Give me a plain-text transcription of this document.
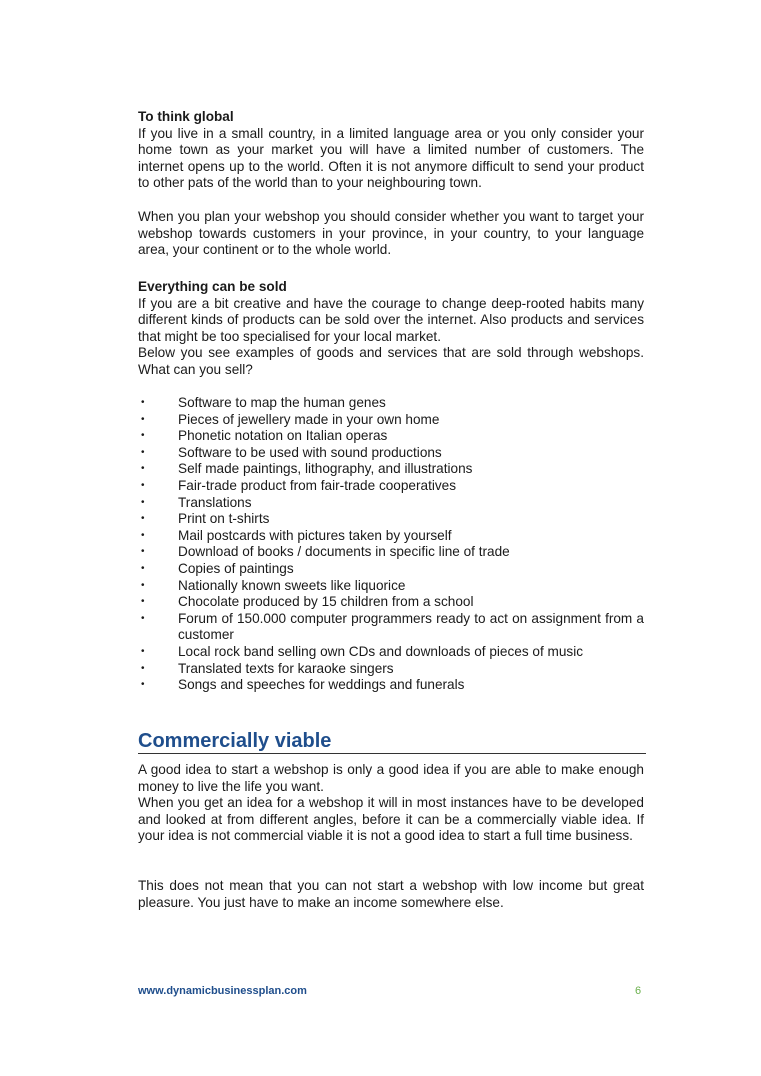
To think global

If you live in a small country, in a limited language area or you only consider your home town as your market you will have a limited number of customers. The internet opens up to the world. Often it is not anymore difficult to send your product to other pats of the world than to your neighbouring town.

When you plan your webshop you should consider whether you want to target your webshop towards customers in your province, in your country, to your language area, your continent or to the whole world.

Everything can be sold

If you are a bit creative and have the courage to change deep-rooted habits many different kinds of products can be sold over the internet. Also products and services that might be too specialised for your local market.

Below you see examples of goods and services that are sold through webshops. What can you sell?

• Software to map the human genes
• Pieces of jewellery made in your own home
• Phonetic notation on Italian operas
• Software to be used with sound productions
• Self made paintings, lithography, and illustrations
• Fair-trade product from fair-trade cooperatives
• Translations
• Print on t-shirts
• Mail postcards with pictures taken by yourself
• Download of books / documents in specific line of trade
• Copies of paintings
• Nationally known sweets like liquorice
• Chocolate produced by 15 children from a school
• Forum of 150.000 computer programmers ready to act on assignment from a customer
• Local rock band selling own CDs and downloads of pieces of music
• Translated texts for karaoke singers
• Songs and speeches for weddings and funerals
Commercially viable

A good idea to start a webshop is only a good idea if you are able to make enough money to live the life you want.

When you get an idea for a webshop it will in most instances have to be developed and looked at from different angles, before it can be a commercially viable idea. If your idea is not commercial viable it is not a good idea to start a full time business.

This does not mean that you can not start a webshop with low income but great pleasure. You just have to make an income somewhere else.

www.dynamicbusinessplan.com	6
